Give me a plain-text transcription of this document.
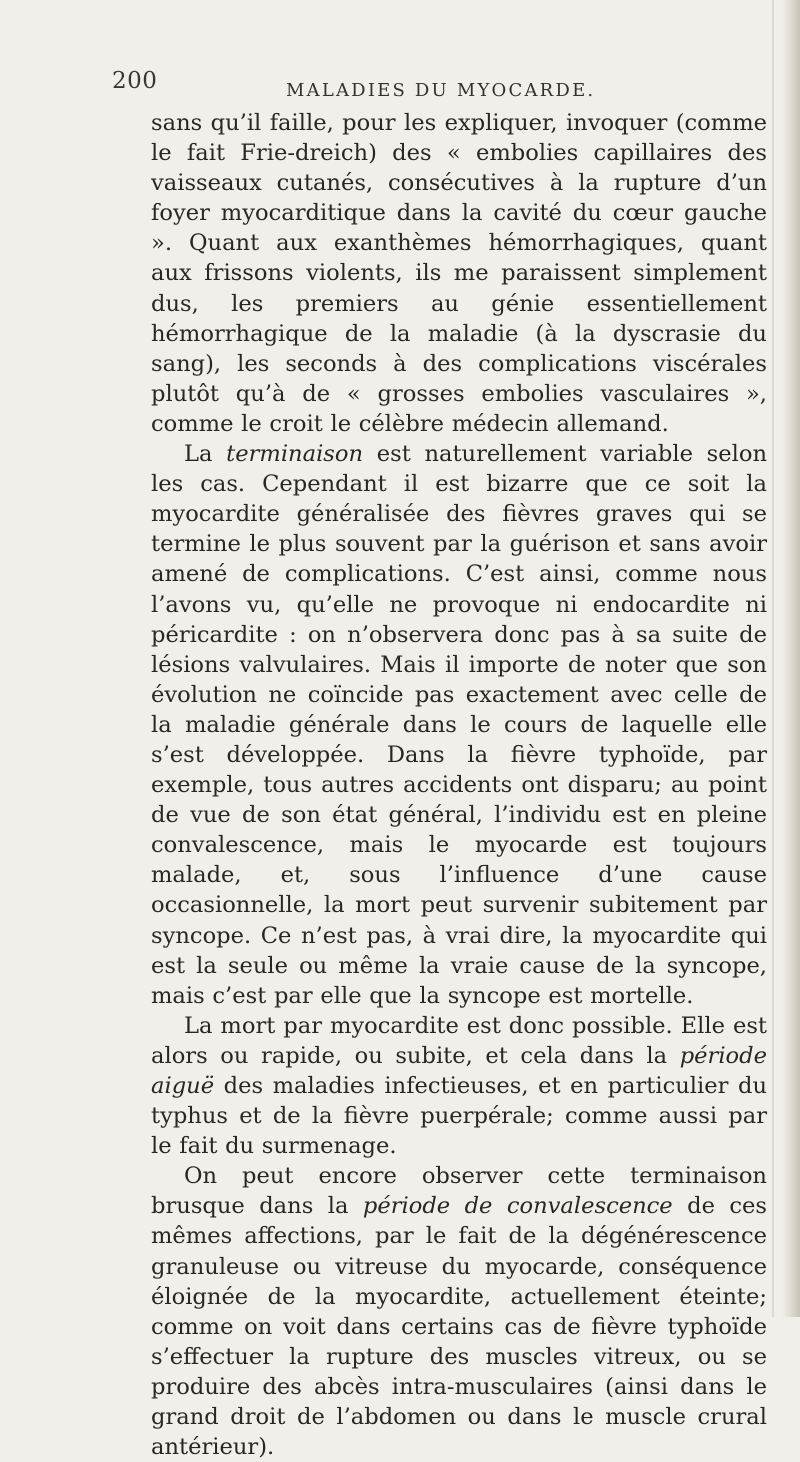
200	MALADIES DU MYOCARDE.

sans qu’il faille, pour les expliquer, invoquer (comme le fait Frie-dreich) des « embolies capillaires des vaisseaux cutanés, consécutives à la rupture d’un foyer myocarditique dans la cavité du cœur gauche ». Quant aux exanthèmes hémorrhagiques, quant aux frissons violents, ils me paraissent simplement dus, les premiers au génie essentiellement hémorrhagique de la maladie (à la dyscrasie du sang), les seconds à des complications viscérales plutôt qu’à de « grosses embolies vasculaires », comme le croit le célèbre médecin allemand.

La terminaison est naturellement variable selon les cas. Cependant il est bizarre que ce soit la myocardite généralisée des fièvres graves qui se termine le plus souvent par la guérison et sans avoir amené de complications. C’est ainsi, comme nous l’avons vu, qu’elle ne provoque ni endocardite ni péricardite : on n’observera donc pas à sa suite de lésions valvulaires. Mais il importe de noter que son évolution ne coïncide pas exactement avec celle de la maladie générale dans le cours de laquelle elle s’est développée. Dans la fièvre typhoïde, par exemple, tous autres accidents ont disparu; au point de vue de son état général, l’individu est en pleine convalescence, mais le myocarde est toujours malade, et, sous l’influence d’une cause occasionnelle, la mort peut survenir subitement par syncope. Ce n’est pas, à vrai dire, la myocardite qui est la seule ou même la vraie cause de la syncope, mais c’est par elle que la syncope est mortelle.

La mort par myocardite est donc possible. Elle est alors ou rapide, ou subite, et cela dans la période aiguë des maladies infectieuses, et en particulier du typhus et de la fièvre puerpérale; comme aussi par le fait du surmenage.

On peut encore observer cette terminaison brusque dans la période de convalescence de ces mêmes affections, par le fait de la dégénérescence granuleuse ou vitreuse du myocarde, conséquence éloignée de la myocardite, actuellement éteinte; comme on voit dans certains cas de fièvre typhoïde s’effectuer la rupture des muscles vitreux, ou se produire des abcès intra-musculaires (ainsi dans le grand droit de l’abdomen ou dans le muscle crural antérieur).
